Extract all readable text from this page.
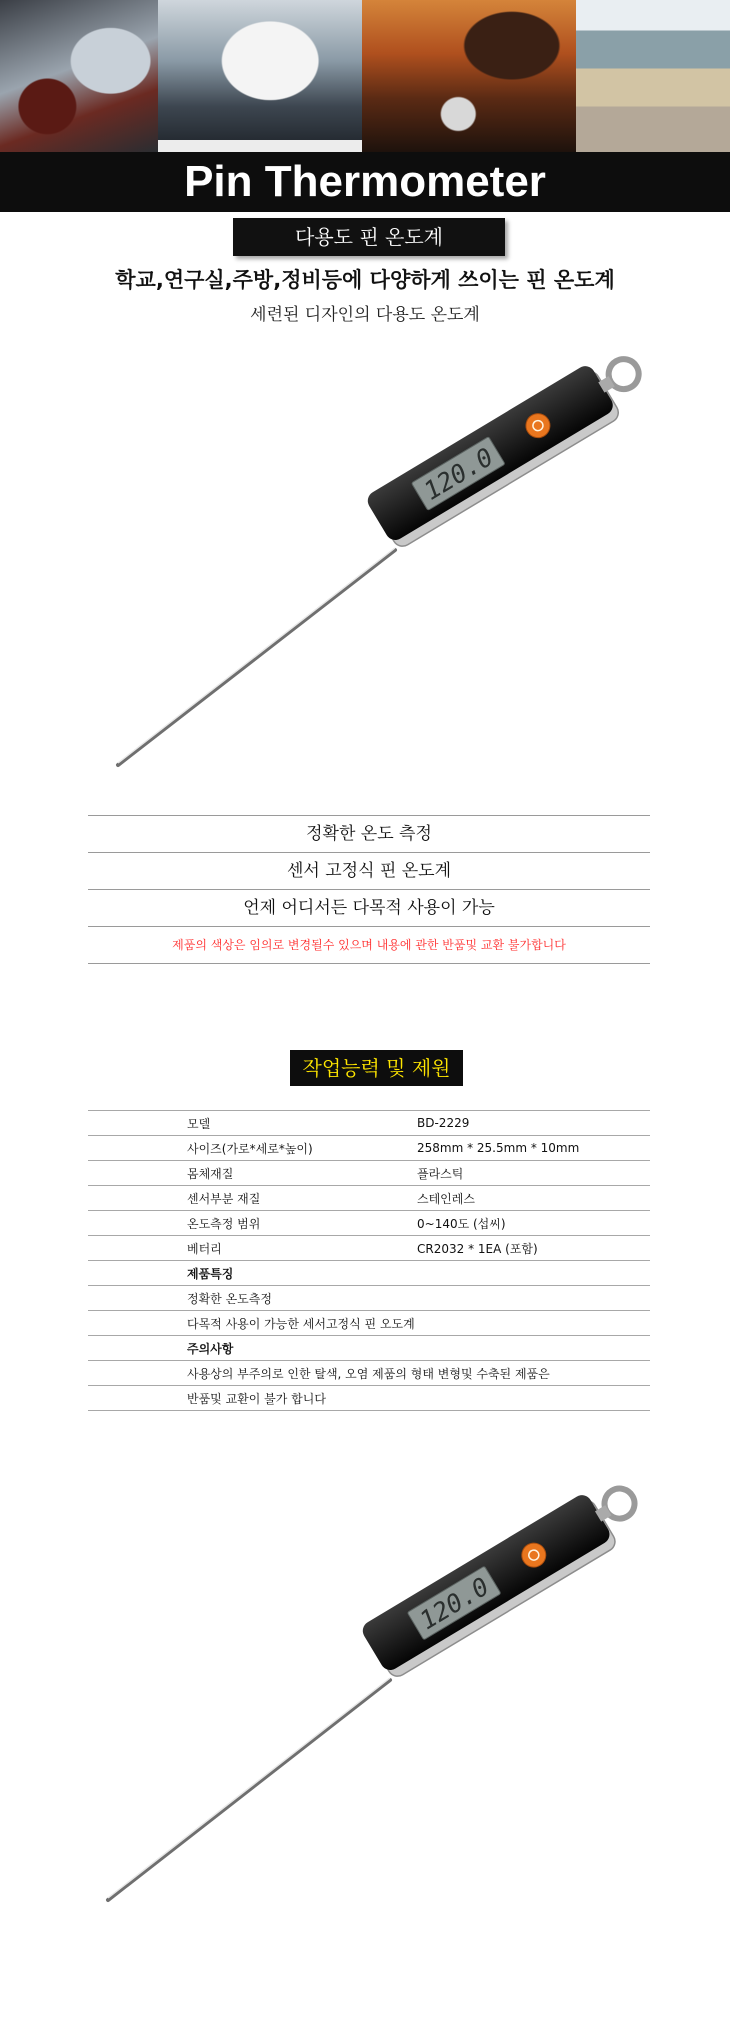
Pin Thermometer
다용도 핀 온도계
학교,연구실,주방,정비등에 다양하게 쓰이는 핀 온도계
세련된 디자인의 다용도 온도계
120.0
정확한 온도 측정
센서 고정식 핀 온도계
언제 어디서든 다목적 사용이 가능
제품의 색상은 임의로 변경될수 있으며 내용에 관한 반품및 교환 불가합니다
작업능력 및 제원
모델	BD-2229
사이즈(가로*세로*높이)	258mm * 25.5mm * 10mm
몸체재질	플라스틱
센서부분 재질	스테인레스
온도측정 범위	0~140도 (섭씨)
베터리	CR2032 * 1EA (포함)
제품특징	
정확한 온도측정	
다목적 사용이 가능한 세서고정식 핀 오도계	
주의사항	
사용상의 부주의로 인한 탈색, 오염 제품의 형태 변형및 수축된 제품은	
반품및 교환이 불가 합니다	
120.0
